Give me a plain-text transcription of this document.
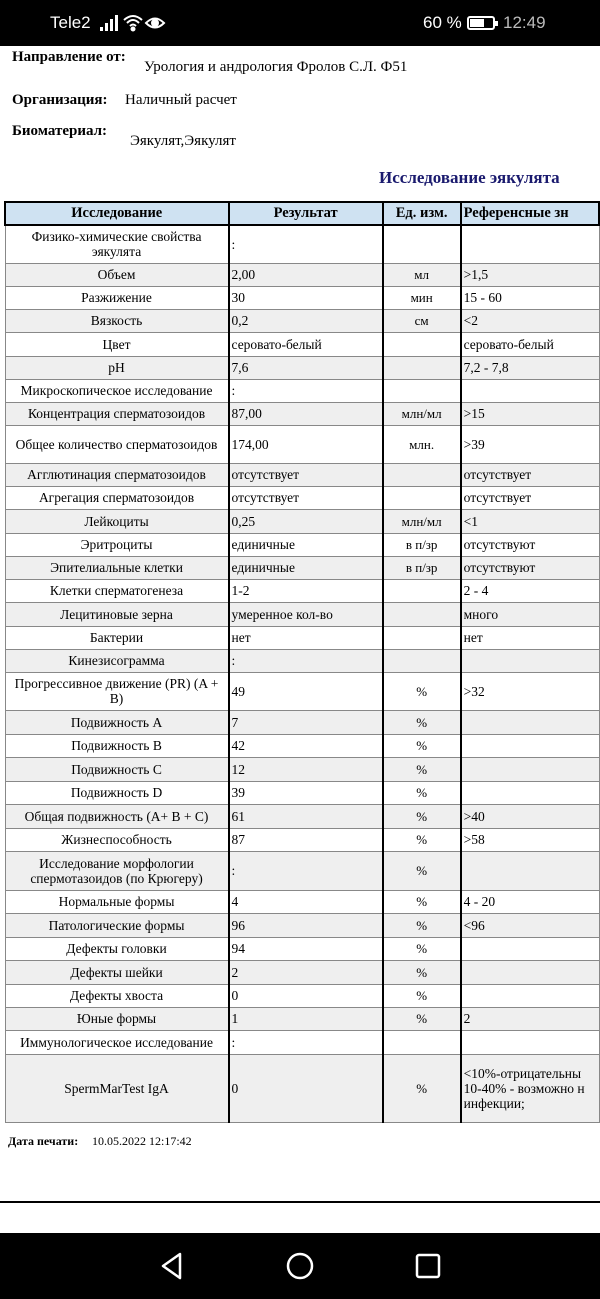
Tele2	60 % 12:49
Направление от:
Урология и андрология Фролов С.Л. Ф51
Организация: Наличный расчет
Биоматериал:
Эякулят,Эякулят
Исследование эякулята
Исследование	Результат	Ед. изм.	Референсные зн
Физико-химические свойства эякулята	:		
Объем	2,00	мл	>1,5
Разжижение	30	мин	15 - 60
Вязкость	0,2	см	<2
Цвет	серовато-белый		серовато-белый
pH	7,6		7,2 - 7,8
Микроскопическое исследование	:		
Концентрация сперматозоидов	87,00	млн/мл	>15
Общее количество сперматозоидов	174,00	млн.	>39
Агглютинация сперматозоидов	отсутствует		отсутствует
Агрегация сперматозоидов	отсутствует		отсутствует
Лейкоциты	0,25	млн/мл	<1
Эритроциты	единичные	в п/зр	отсутствуют
Эпителиальные клетки	единичные	в п/зр	отсутствуют
Клетки сперматогенеза	1-2		2 - 4
Лецитиновые зерна	умеренное кол-во		много
Бактерии	нет		нет
Кинезисограмма	:		
Прогрессивное движение (PR) (A + B)	49	%	>32
Подвижность A	7	%	
Подвижность B	42	%	
Подвижность C	12	%	
Подвижность D	39	%	
Общая подвижность (A+ B + C)	61	%	>40
Жизнеспособность	87	%	>58
Исследование морфологии спермотазоидов (по Крюгеру)	:	%	
Нормальные формы	4	%	4 - 20
Патологические формы	96	%	<96
Дефекты головки	94	%	
Дефекты шейки	2	%	
Дефекты хвоста	0	%	
Юные формы	1	%	2
Иммунологическое исследование	:		
SpermMarTest IgA	0	%	<10%-отрицательны 10-40% - возможно н инфекции;
Дата печати: 10.05.2022 12:17:42
